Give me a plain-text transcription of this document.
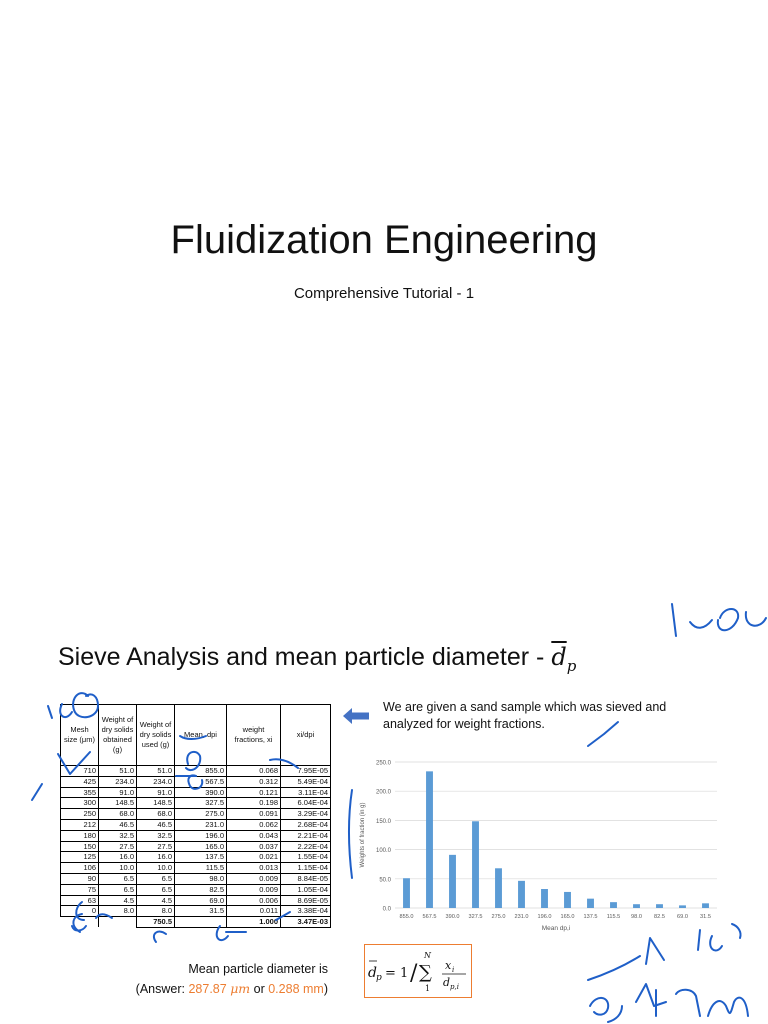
Fluidization Engineering

Comprehensive Tutorial - 1

Sieve Analysis and mean particle diameter - $d_p$
Mesh size (μm)	Weight of dry solids obtained (g)	Weight of dry solids used (g)	Mean, dpi	weight fractions, xi	xi/dpi
710	51.0	51.0	855.0	0.068	7.95E-05
425	234.0	234.0	567.5	0.312	5.49E-04
355	91.0	91.0	390.0	0.121	3.11E-04
300	148.5	148.5	327.5	0.198	6.04E-04
250	68.0	68.0	275.0	0.091	3.29E-04
212	46.5	46.5	231.0	0.062	2.68E-04
180	32.5	32.5	196.0	0.043	2.21E-04
150	27.5	27.5	165.0	0.037	2.22E-04
125	16.0	16.0	137.5	0.021	1.55E-04
106	10.0	10.0	115.5	0.013	1.15E-04
90	6.5	6.5	98.0	0.009	8.84E-05
75	6.5	6.5	82.5	0.009	1.05E-04
63	4.5	4.5	69.0	0.006	8.69E-05
0	8.0	8.0	31.5	0.011	3.38E-04
		750.5		1.000	3.47E-03
We are given a sand sample which was sieved and analyzed for weight fractions.
0.0
50.0
100.0
150.0
200.0
250.0
855.0 567.5 390.0 327.5 275.0 231.0 196.0 165.0 137.5 115.5 98.0 82.5 69.0 31.5
Mean dp,i
Weights of fraction (in g)
Mean particle diameter is
(Answer: 287.87 μm or 0.288 mm)
d p = 1 /
N
∑
1
x i
d p,i
